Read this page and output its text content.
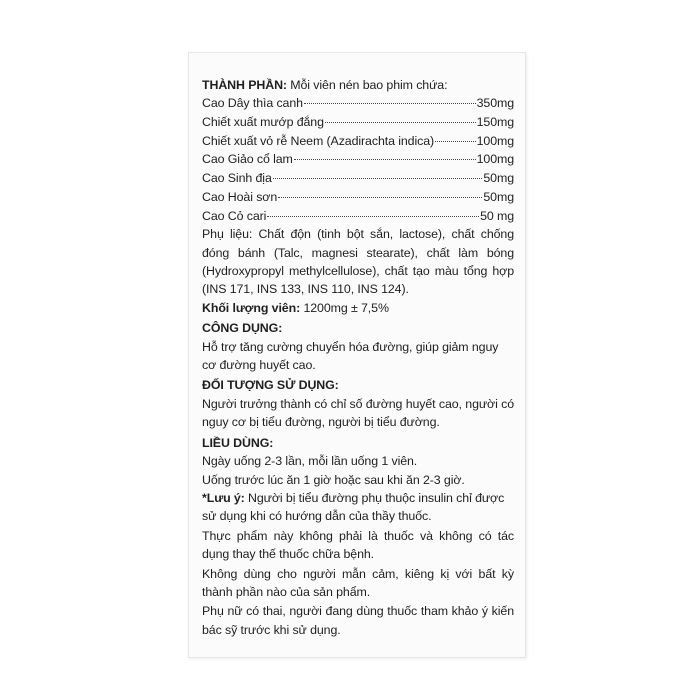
THÀNH PHẦN: Mỗi viên nén bao phim chứa:

Cao Dây thìa canh	350mg
Chiết xuất mướp đắng	150mg
Chiết xuất vỏ rễ Neem (Azadirachta indica)	100mg
Cao Giảo cổ lam	100mg
Cao Sinh địa	50mg
Cao Hoài sơn	50mg
Cao Cỏ cari	50 mg

Phụ liệu: Chất độn (tinh bột sắn, lactose), chất chống đóng bánh (Talc, magnesi stearate), chất làm bóng (Hydroxypropyl methylcellulose), chất tạo màu tổng hợp (INS 171, INS 133, INS 110, INS 124).

Khối lượng viên: 1200mg ± 7,5%

CÔNG DỤNG:

Hỗ trợ tăng cường chuyển hóa đường, giúp giảm nguy cơ đường huyết cao.

ĐỐI TƯỢNG SỬ DỤNG:

Người trưởng thành có chỉ số đường huyết cao, người có nguy cơ bị tiểu đường, người bị tiểu đường.

LIỀU DÙNG:

Ngày uống 2-3 lần, mỗi lần uống 1 viên.

Uống trước lúc ăn 1 giờ hoặc sau khi ăn 2-3 giờ.

*Lưu ý: Người bị tiểu đường phụ thuộc insulin chỉ được sử dụng khi có hướng dẫn của thầy thuốc.

Thực phẩm này không phải là thuốc và không có tác dụng thay thế thuốc chữa bệnh.

Không dùng cho người mẫn cảm, kiêng kị với bất kỳ thành phần nào của sản phẩm.

Phụ nữ có thai, người đang dùng thuốc tham khảo ý kiến bác sỹ trước khi sử dụng.
